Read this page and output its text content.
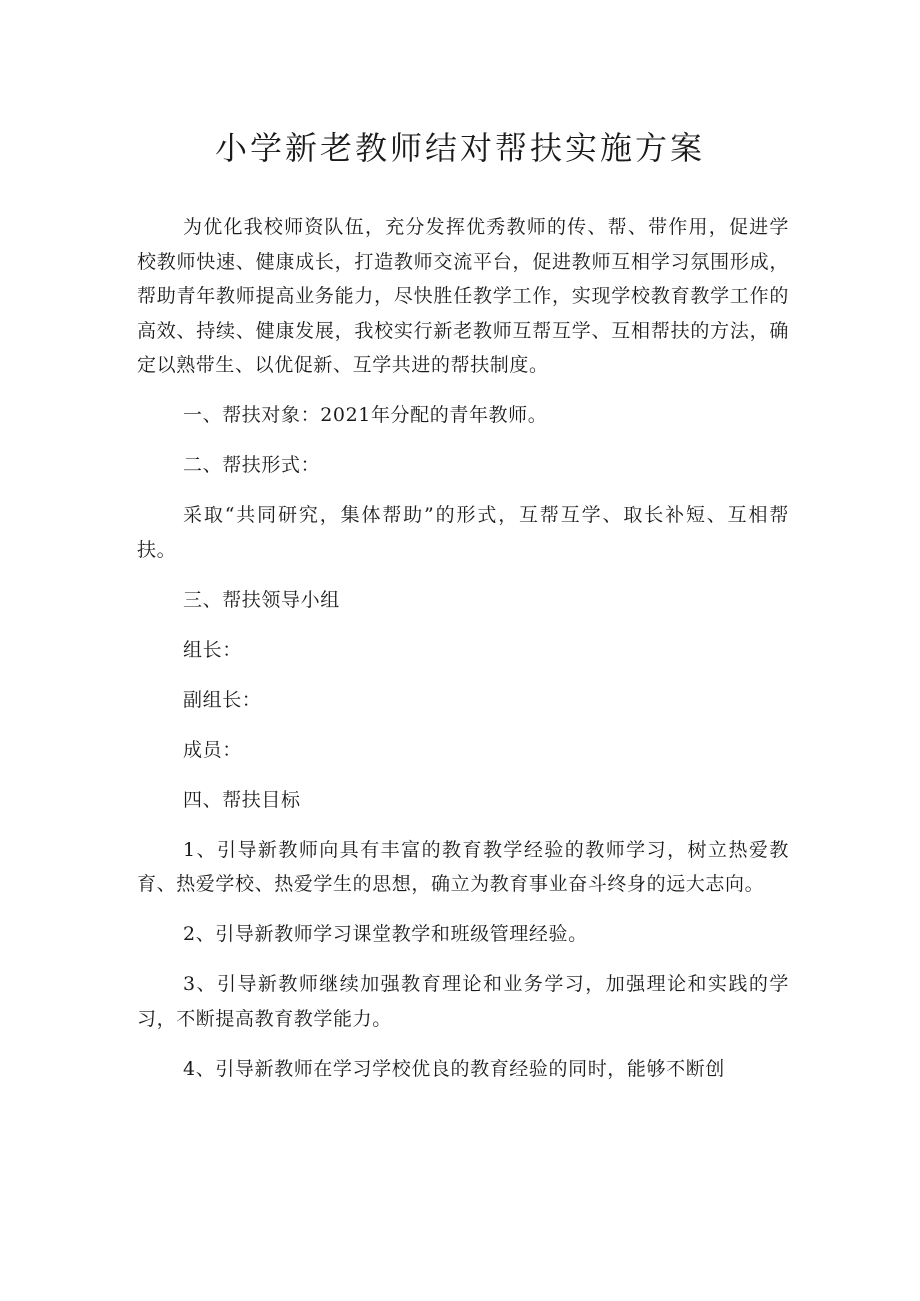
小学新老教师结对帮扶实施方案

为优化我校师资队伍，充分发挥优秀教师的传、帮、带作用，促进学校教师快速、健康成长，打造教师交流平台，促进教师互相学习氛围形成，帮助青年教师提高业务能力，尽快胜任教学工作，实现学校教育教学工作的高效、持续、健康发展，我校实行新老教师互帮互学、互相帮扶的方法，确定以熟带生、以优促新、互学共进的帮扶制度。

一、帮扶对象：2021年分配的青年教师。

二、帮扶形式：

采取“共同研究，集体帮助”的形式，互帮互学、取长补短、互相帮扶。

三、帮扶领导小组

组长：

副组长：

成员：

四、帮扶目标

1、引导新教师向具有丰富的教育教学经验的教师学习，树立热爱教育、热爱学校、热爱学生的思想，确立为教育事业奋斗终身的远大志向。

2、引导新教师学习课堂教学和班级管理经验。

3、引导新教师继续加强教育理论和业务学习，加强理论和实践的学习，不断提高教育教学能力。

4、引导新教师在学习学校优良的教育经验的同时，能够不断创
